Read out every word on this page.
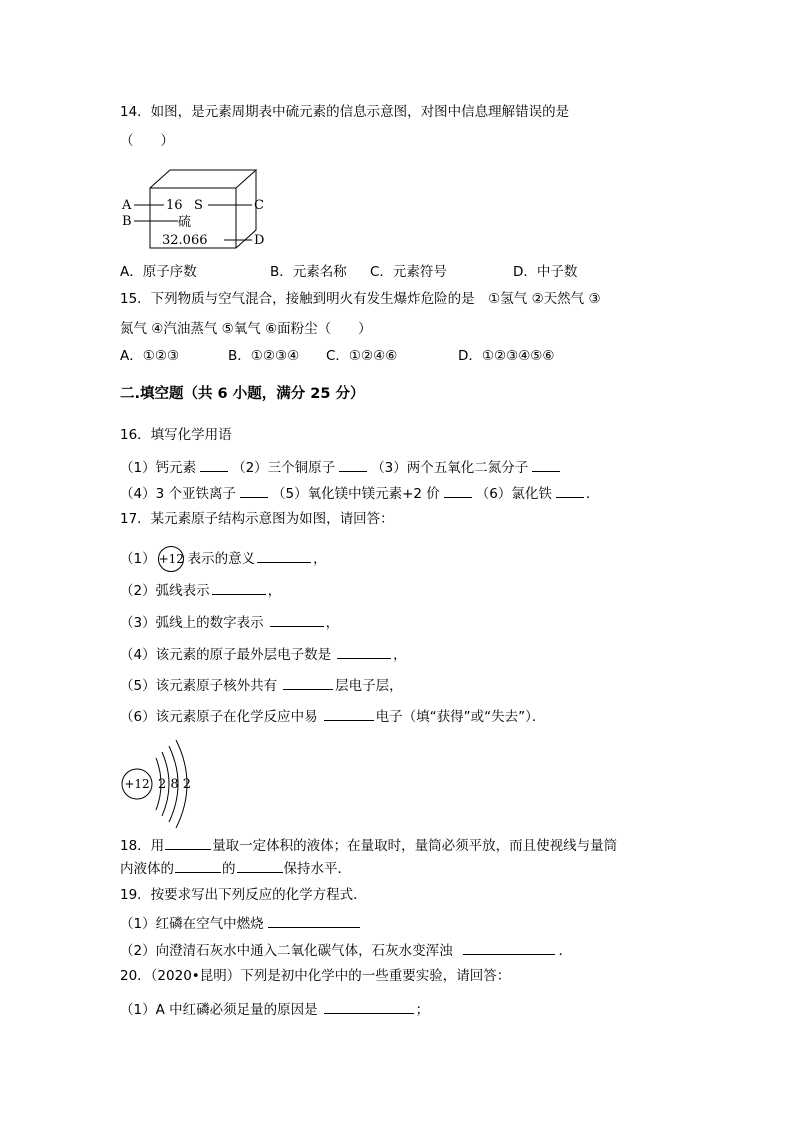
14．如图，是元素周期表中硫元素的信息示意图，对图中信息理解错误的是
（　　）
A
B
C
D
16 S
硫
32.066
A．原子序数	B．元素名称 C．元素符号	D．中子数
15．下列物质与空气混合，接触到明火有发生爆炸危险的是　①氢气 ②天然气 ③
氮气 ④汽油蒸气 ⑤氧气 ⑥面粉尘（　　）
A．①②③	B．①②③④ C．①②④⑥	D．①②③④⑤⑥
二.填空题（共 6 小题，满分 25 分）
16．填写化学用语
（1）钙元素	（2）三个铜原子	（3）两个五氧化二氮分子
（4）3 个亚铁离子	（5）氧化镁中镁元素+2 价	（6）氯化铁	．
17．某元素原子结构示意图为如图，请回答：
（1） +12 表示的意义	，
（2）弧线表示	，
（3）弧线上的数字表示	，
（4）该元素的原子最外层电子数是	，
（5）该元素原子核外共有	层电子层，
（6）该元素原子在化学反应中易	电子（填“获得”或“失去”）．
+12 2 8 2
18．用	量取一定体积的液体；在量取时，量筒必须平放，而且使视线与量筒
内液体的	的	保持水平．
19．按要求写出下列反应的化学方程式．
（1）红磷在空气中燃烧
（2）向澄清石灰水中通入二氧化碳气体，石灰水变浑浊	．
20．（2020•昆明）下列是初中化学中的一些重要实验，请回答：
（1）A 中红磷必须足量的原因是	；
